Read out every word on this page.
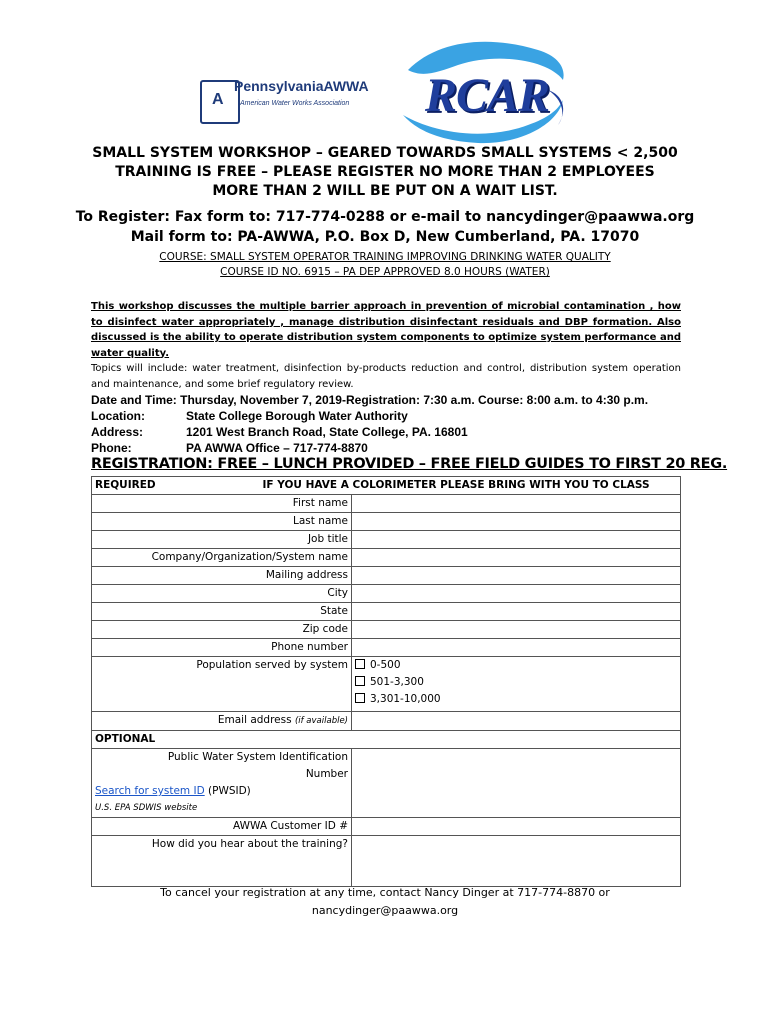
A
PennsylvaniaAWWA
American Water Works Association RCAR
SMALL SYSTEM WORKSHOP – GEARED TOWARDS SMALL SYSTEMS < 2,500
TRAINING IS FREE – PLEASE REGISTER NO MORE THAN 2 EMPLOYEES
MORE THAN 2 WILL BE PUT ON A WAIT LIST.
To Register: Fax form to: 717-774-0288 or e-mail to nancydinger@paawwa.org
Mail form to: PA-AWWA, P.O. Box D, New Cumberland, PA. 17070
COURSE: SMALL SYSTEM OPERATOR TRAINING IMPROVING DRINKING WATER QUALITY
COURSE ID NO. 6915 – PA DEP APPROVED 8.0 HOURS (WATER)
This workshop discusses the multiple barrier approach in prevention of microbial contamination , how to disinfect water appropriately , manage distribution disinfectant residuals and DBP formation. Also discussed is the ability to operate distribution system components to optimize system performance and water quality.
Topics will include: water treatment, disinfection by-products reduction and control, distribution system operation and maintenance, and some brief regulatory review.
Date and Time: Thursday, November 7, 2019-Registration: 7:30 a.m. Course: 8:00 a.m. to 4:30 p.m.
Location:	State College Borough Water Authority
Address:	1201 West Branch Road, State College, PA. 16801
Phone:	PA AWWA Office – 717-774-8870
REGISTRATION: FREE – LUNCH PROVIDED – FREE FIELD GUIDES TO FIRST 20 REG.
REQUIRED IF YOU HAVE A COLORIMETER PLEASE BRING WITH YOU TO CLASS	

First name	
Last name	
Job title	
Company/Organization/System name	
Mailing address	
City	
State	
Zip code	
Phone number	
Population served by system	0-500
501-3,300
3,301-10,000

Email address (if available)	
OPTIONAL	

Public Water System Identification
Number
Search for system ID (PWSID)
U.S. EPA SDWIS website	

AWWA Customer ID #	
How did you hear about the training?	
To cancel your registration at any time, contact Nancy Dinger at 717-774-8870 or
nancydinger@paawwa.org
